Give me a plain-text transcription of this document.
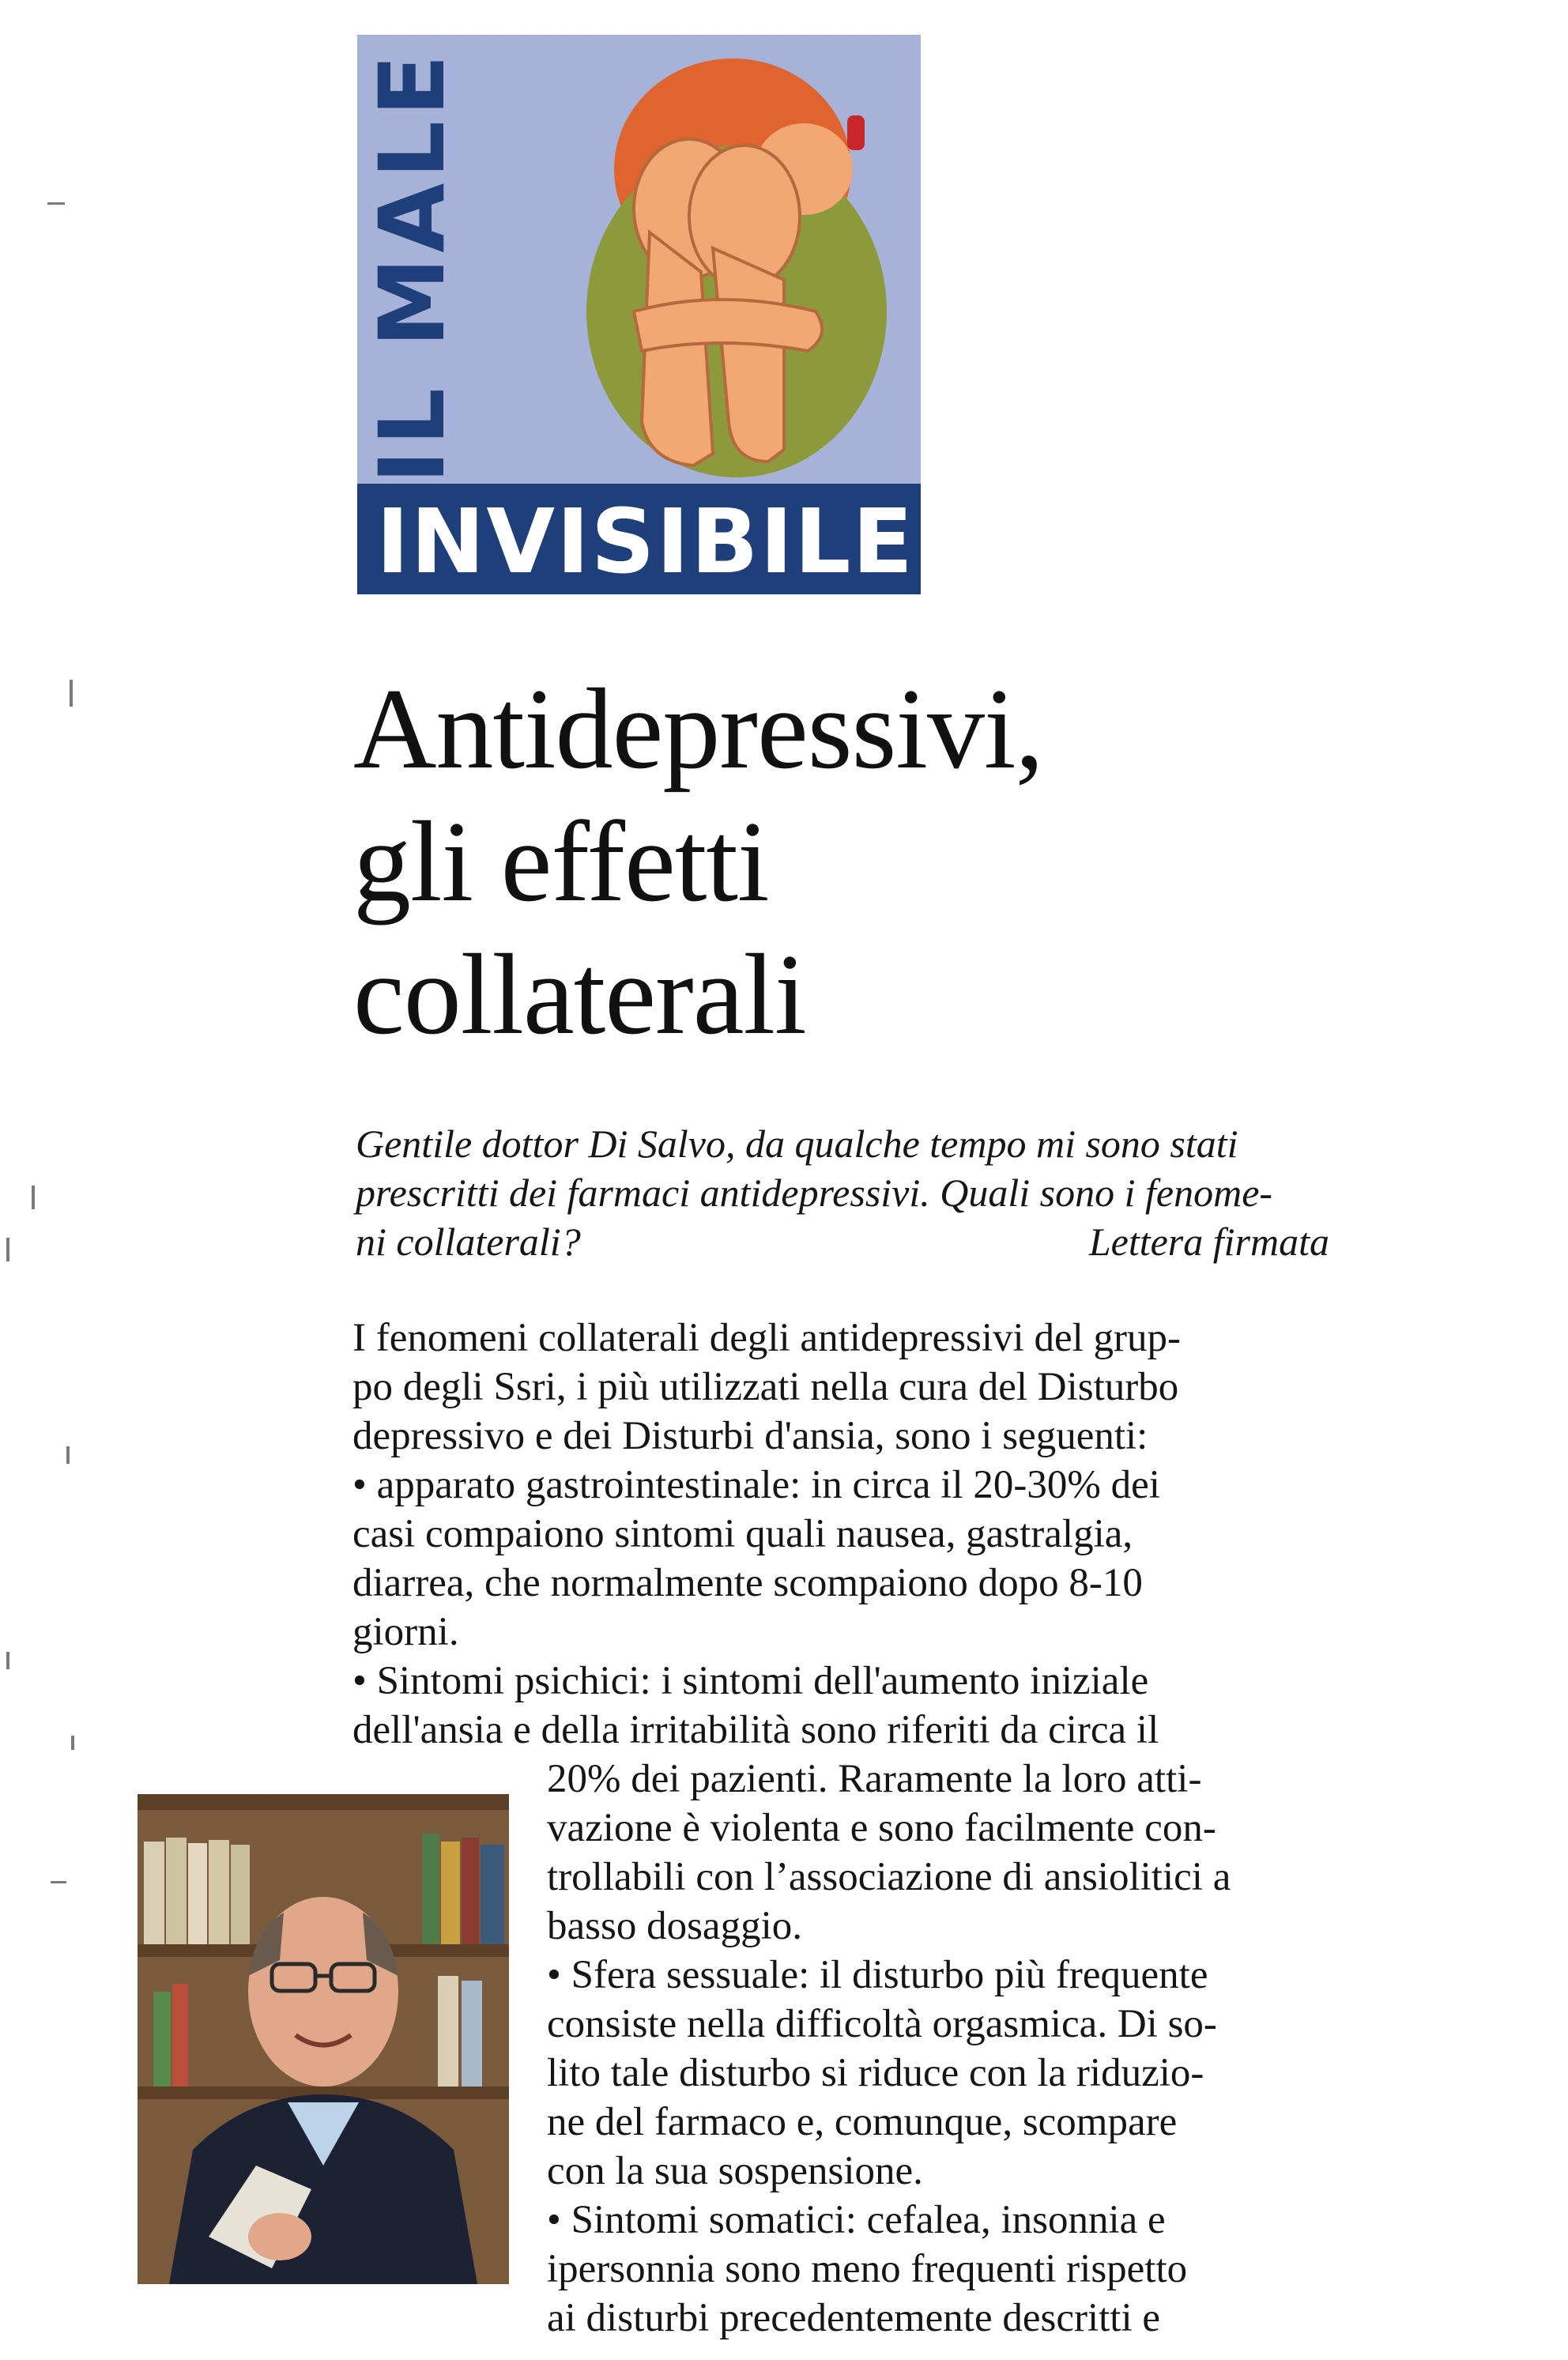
IL MALE
INVISIBILE
Antidepressivi,
gli effetti
collaterali
Gentile dottor Di Salvo, da qualche tempo mi sono stati
prescritti dei farmaci antidepressivi. Quali sono i fenome-
ni collaterali?	Lettera firmata
I fenomeni collaterali degli antidepressivi del grup-
po degli Ssri, i più utilizzati nella cura del Disturbo
depressivo e dei Disturbi d'ansia, sono i seguenti:
• apparato gastrointestinale: in circa il 20-30% dei
casi compaiono sintomi quali nausea, gastralgia,
diarrea, che normalmente scompaiono dopo 8-10
giorni.
• Sintomi psichici: i sintomi dell'aumento iniziale
dell'ansia e della irritabilità sono riferiti da circa il
20% dei pazienti. Raramente la loro atti-
vazione è violenta e sono facilmente con-
trollabili con l’associazione di ansiolitici a
basso dosaggio.
• Sfera sessuale: il disturbo più frequente
consiste nella difficoltà orgasmica. Di so-
lito tale disturbo si riduce con la riduzio-
ne del farmaco e, comunque, scompare
con la sua sospensione.
• Sintomi somatici: cefalea, insonnia e
ipersonnia sono meno frequenti rispetto
ai disturbi precedentemente descritti e
